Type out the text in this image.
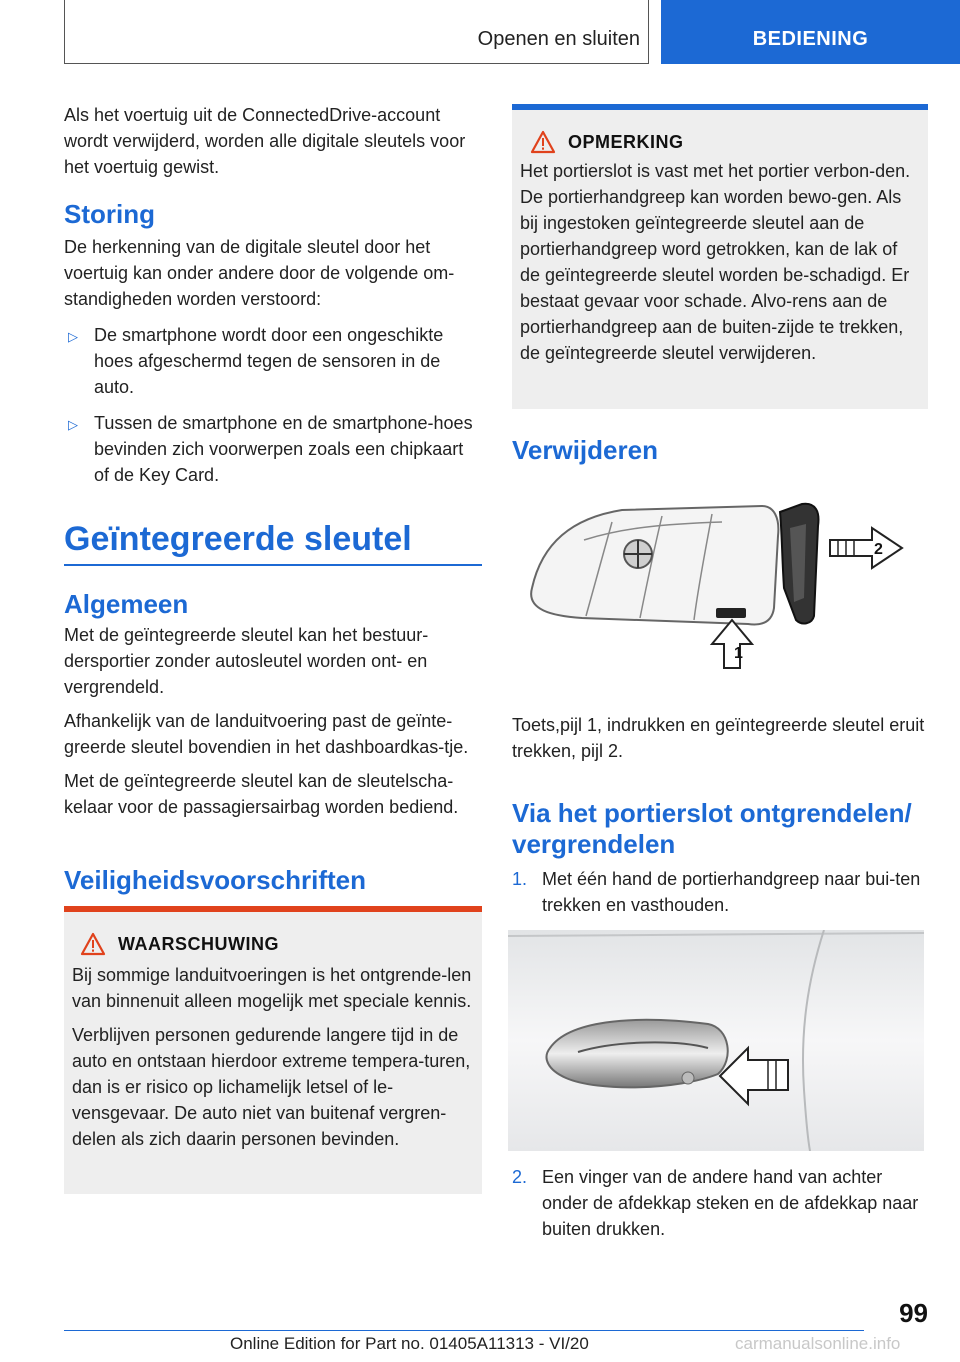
Openen en sluiten	BEDIENING

Als het voertuig uit de ConnectedDrive-account wordt verwijderd, worden alle digitale sleutels voor het voertuig gewist.

Storing

De herkenning van de digitale sleutel door het voertuig kan onder andere door de volgende om-standigheden worden verstoord:

▷ De smartphone wordt door een ongeschikte hoes afgeschermd tegen de sensoren in de auto.
▷ Tussen de smartphone en de smartphone-hoes bevinden zich voorwerpen zoals een chipkaart of de Key Card.
Geïntegreerde sleutel
Algemeen

Met de geïntegreerde sleutel kan het bestuur-dersportier zonder autosleutel worden ont- en vergrendeld.

Afhankelijk van de landuitvoering past de geïnte-greerde sleutel bovendien in het dashboardkas-tje.

Met de geïntegreerde sleutel kan de sleutelscha-kelaar voor de passagiersairbag worden bediend.

Veiligheidsvoorschriften
WAARSCHUWING

Bij sommige landuitvoeringen is het ontgrende-len van binnenuit alleen mogelijk met speciale kennis.

Verblijven personen gedurende langere tijd in de auto en ontstaan hierdoor extreme tempera-turen, dan is er risico op lichamelijk letsel of le-vensgevaar. De auto niet van buitenaf vergren-delen als zich daarin personen bevinden.

OPMERKING

Het portierslot is vast met het portier verbon-den. De portierhandgreep kan worden bewo-gen. Als bij ingestoken geïntegreerde sleutel aan de portierhandgreep word getrokken, kan de lak of de geïntegreerde sleutel worden be-schadigd. Er bestaat gevaar voor schade. Alvo-rens aan de portierhandgreep aan de buiten-zijde te trekken, de geïntegreerde sleutel verwijderen.

Verwijderen
2
1

Toets,pijl 1, indrukken en geïntegreerde sleutel eruit trekken, pijl 2.

Via het portierslot ontgrendelen/ vergrendelen
1. Met één hand de portierhandgreep naar bui-ten trekken en vasthouden.
2. Een vinger van de andere hand van achter onder de afdekkap steken en de afdekkap naar buiten drukken.
99
Online Edition for Part no. 01405A11313 - VI/20	carmanualsonline.info
